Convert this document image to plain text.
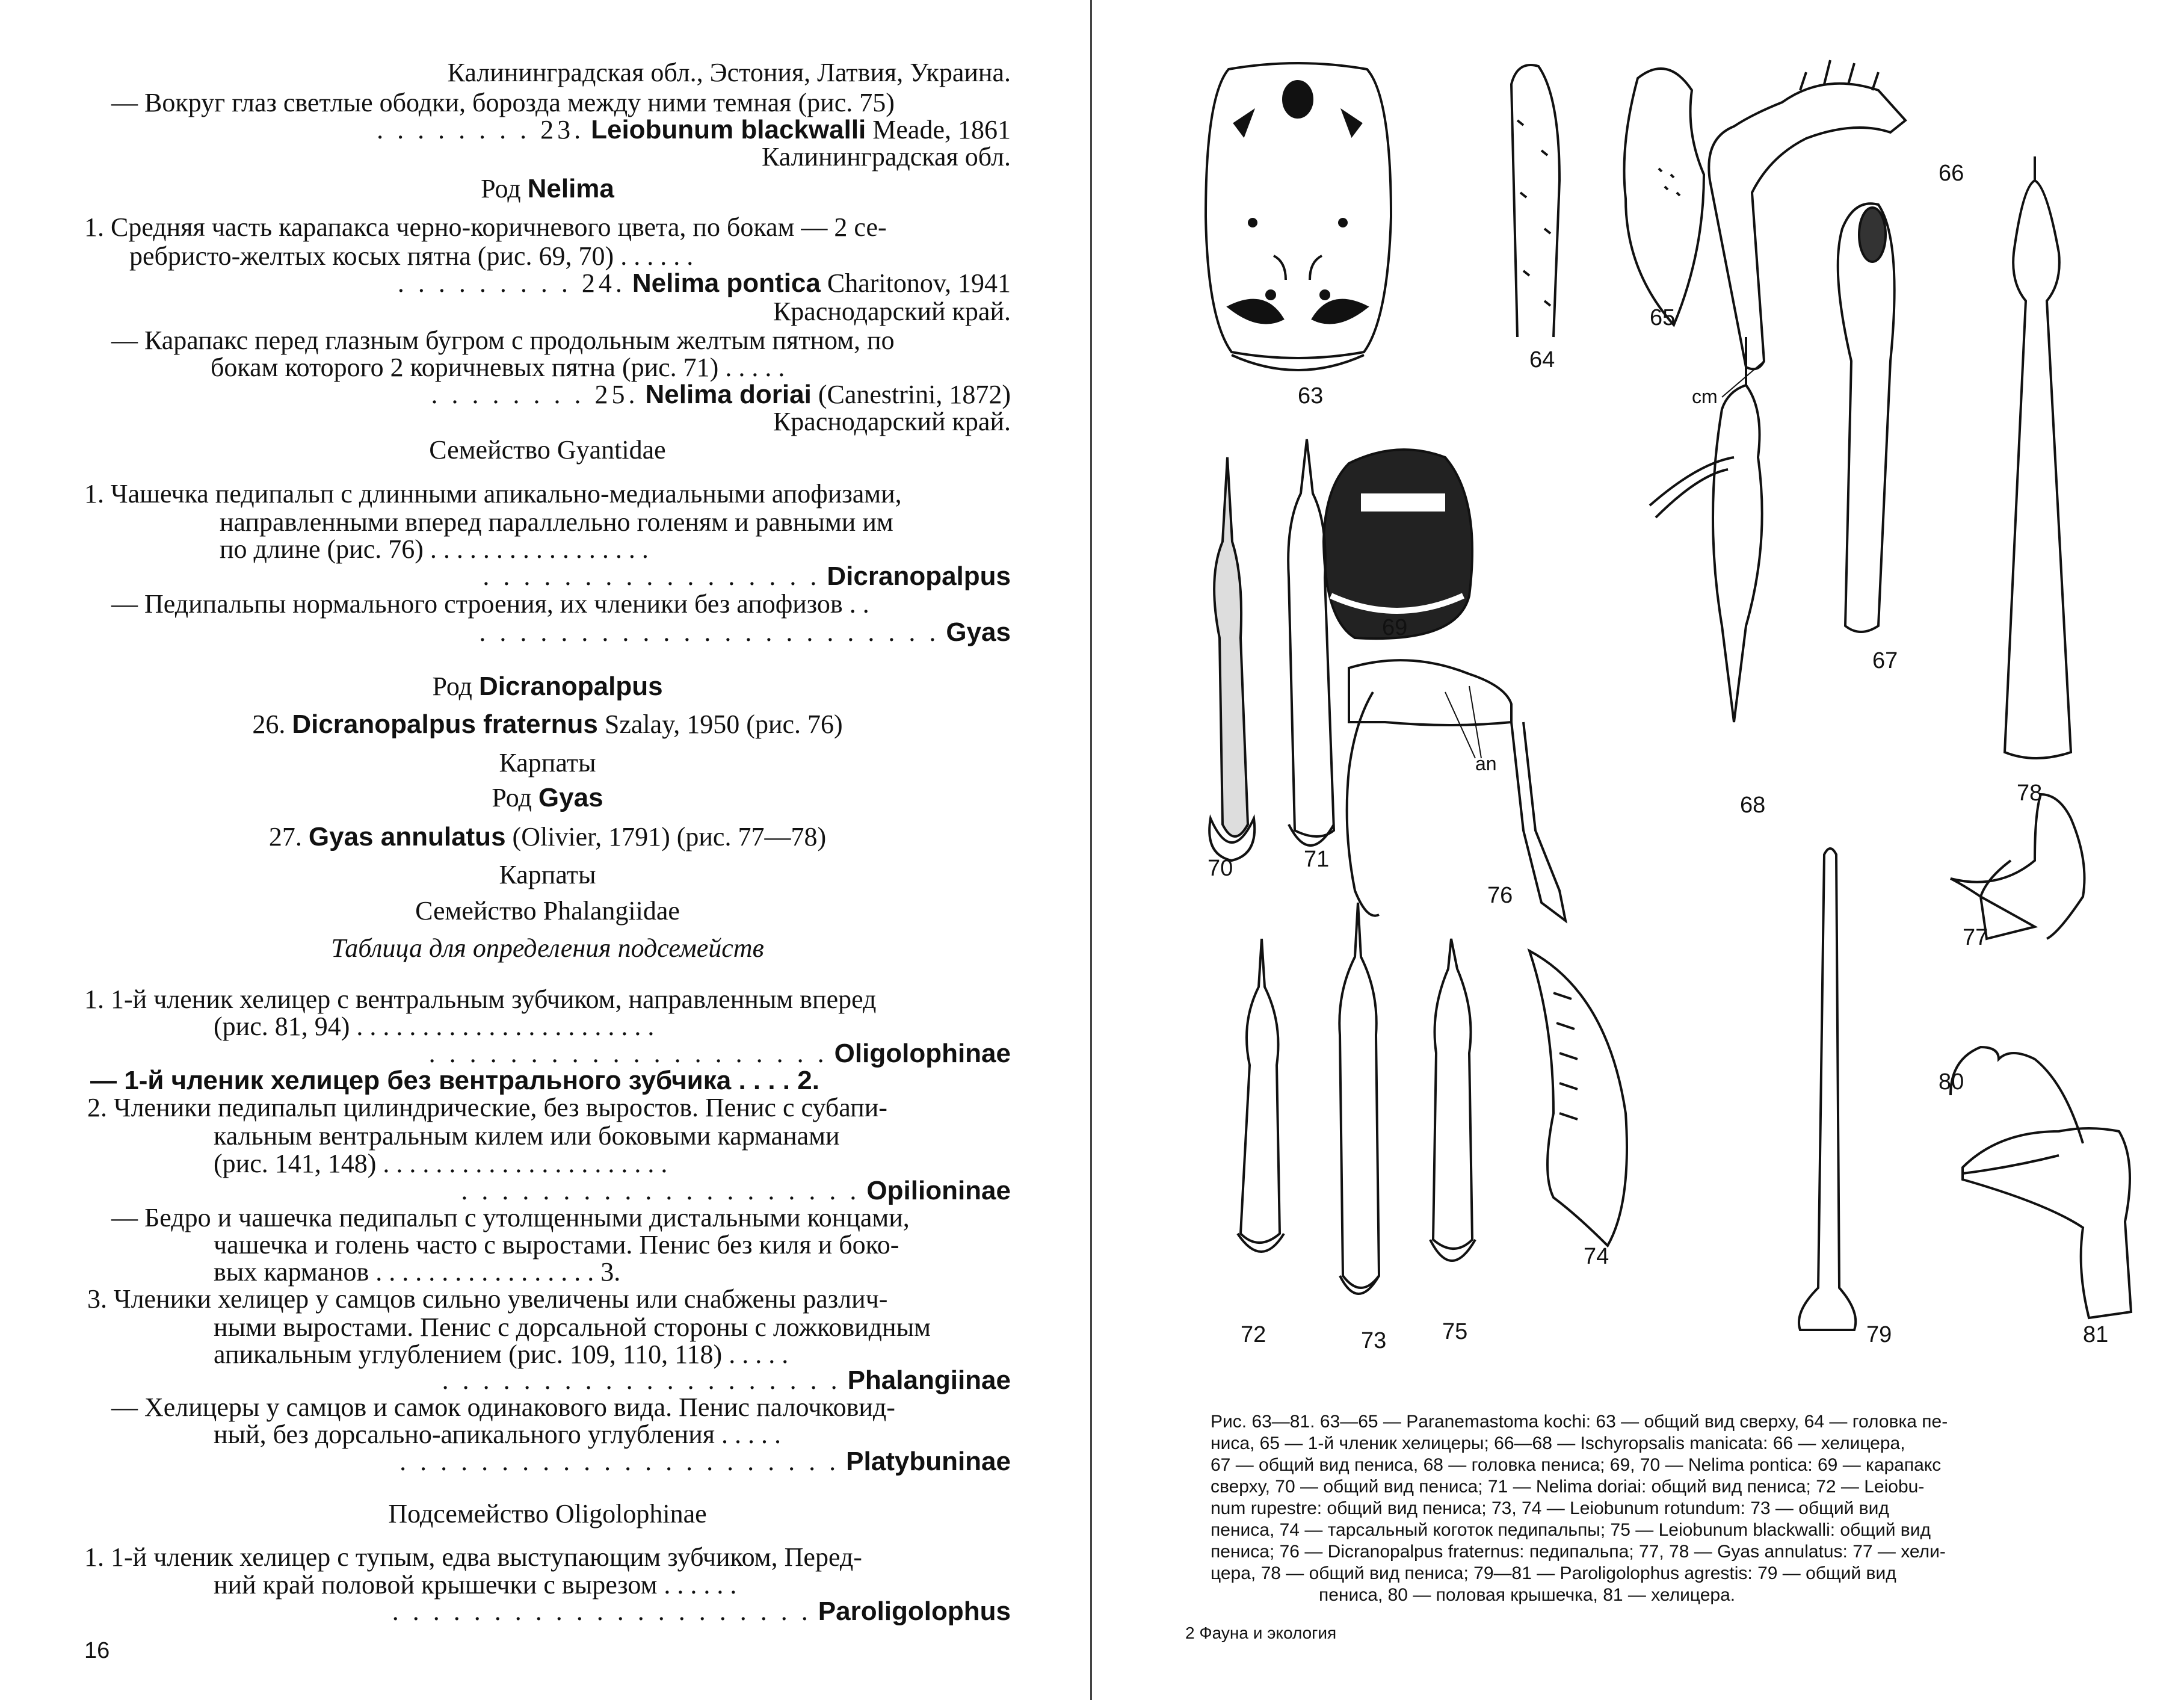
Калининградская обл., Эстония, Латвия, Украина.
— Вокруг глаз светлые ободки, борозда между ними темная (рис. 75)
. . . . . . . . 23. Leiobunum blackwalli Meade, 1861
Калининградская обл.
Род Nelima
1. Средняя часть карапакса черно-коричневого цвета, по бокам — 2 се-
ребристо-желтых косых пятна (рис. 69, 70) . . . . . .
. . . . . . . . . 24. Nelima pontica Charitonov, 1941
Краснодарский край.
— Карапакс перед глазным бугром с продольным желтым пятном, по
бокам которого 2 коричневых пятна (рис. 71) . . . . .
. . . . . . . . 25. Nelima doriai (Canestrini, 1872)
Краснодарский край.
Семейство Gyantidae
1. Чашечка педипальп с длинными апикально-медиальными апофизами,
направленными вперед параллельно голеням и равными им
по длине (рис. 76) . . . . . . . . . . . . . . . . .
. . . . . . . . . . . . . . . . . Dicranopalpus
— Педипальпы нормального строения, их членики без апофизов . .
. . . . . . . . . . . . . . . . . . . . . . . Gyas
Род Dicranopalpus
26. Dicranopalpus fraternus Szalay, 1950 (рис. 76)
Карпаты
Род Gyas
27. Gyas annulatus (Olivier, 1791) (рис. 77—78)
Карпаты
Семейство Phalangiidae
Таблица для определения подсемейств
1. 1-й членик хелицер с вентральным зубчиком, направленным вперед
(рис. 81, 94) . . . . . . . . . . . . . . . . . . . . . . .
. . . . . . . . . . . . . . . . . . . . Oligolophinae
— 1-й членик хелицер без вентрального зубчика . . . . 2.
2. Членики педипальп цилиндрические, без выростов. Пенис с субапи-
кальным вентральным килем или боковыми карманами
(рис. 141, 148) . . . . . . . . . . . . . . . . . . . . . .
. . . . . . . . . . . . . . . . . . . . Opilioninae
— Бедро и чашечка педипальп с утолщенными дистальными концами,
чашечка и голень часто с выростами. Пенис без киля и боко-
вых карманов . . . . . . . . . . . . . . . . . 3.
3. Членики хелицер у самцов сильно увеличены или снабжены различ-
ными выростами. Пенис с дорсальной стороны с ложковидным
апикальным углублением (рис. 109, 110, 118) . . . . .
. . . . . . . . . . . . . . . . . . . . Phalangiinae
— Хелицеры у самцов и самок одинакового вида. Пенис палочковид-
ный, без дорсально-апикального углубления . . . . .
. . . . . . . . . . . . . . . . . . . . . . Platybuninae
Подсемейство Oligolophinae
1. 1-й членик хелицер с тупым, едва выступающим зубчиком, Перед-
ний край половой крышечки с вырезом . . . . . .
. . . . . . . . . . . . . . . . . . . . . Paroligolophus
16
63
64
65
66
67
68
69
70	71
72	73
74
75
76
77
78
79
80
81
cm
an
Рис. 63—81. 63—65 — Paranemastoma kochi: 63 — общий вид сверху, 64 — головка пе-
ниса, 65 — 1-й членик хелицеры; 66—68 — Ischyropsalis manicata: 66 — хелицера,
67 — общий вид пениса, 68 — головка пениса; 69, 70 — Nelima pontica: 69 — карапакс
сверху, 70 — общий вид пениса; 71 — Nelima doriai: общий вид пениса; 72 — Leiobu-
num rupestre: общий вид пениса; 73, 74 — Leiobunum rotundum: 73 — общий вид
пениса, 74 — тарсальный коготок педипальпы; 75 — Leiobunum blackwalli: общий вид
пениса; 76 — Dicranopalpus fraternus: педипальпа; 77, 78 — Gyas annulatus: 77 — хели-
цера, 78 — общий вид пениса; 79—81 — Paroligolophus agrestis: 79 — общий вид
пениса, 80 — половая крышечка, 81 — хелицера.
2 Фауна и экология
